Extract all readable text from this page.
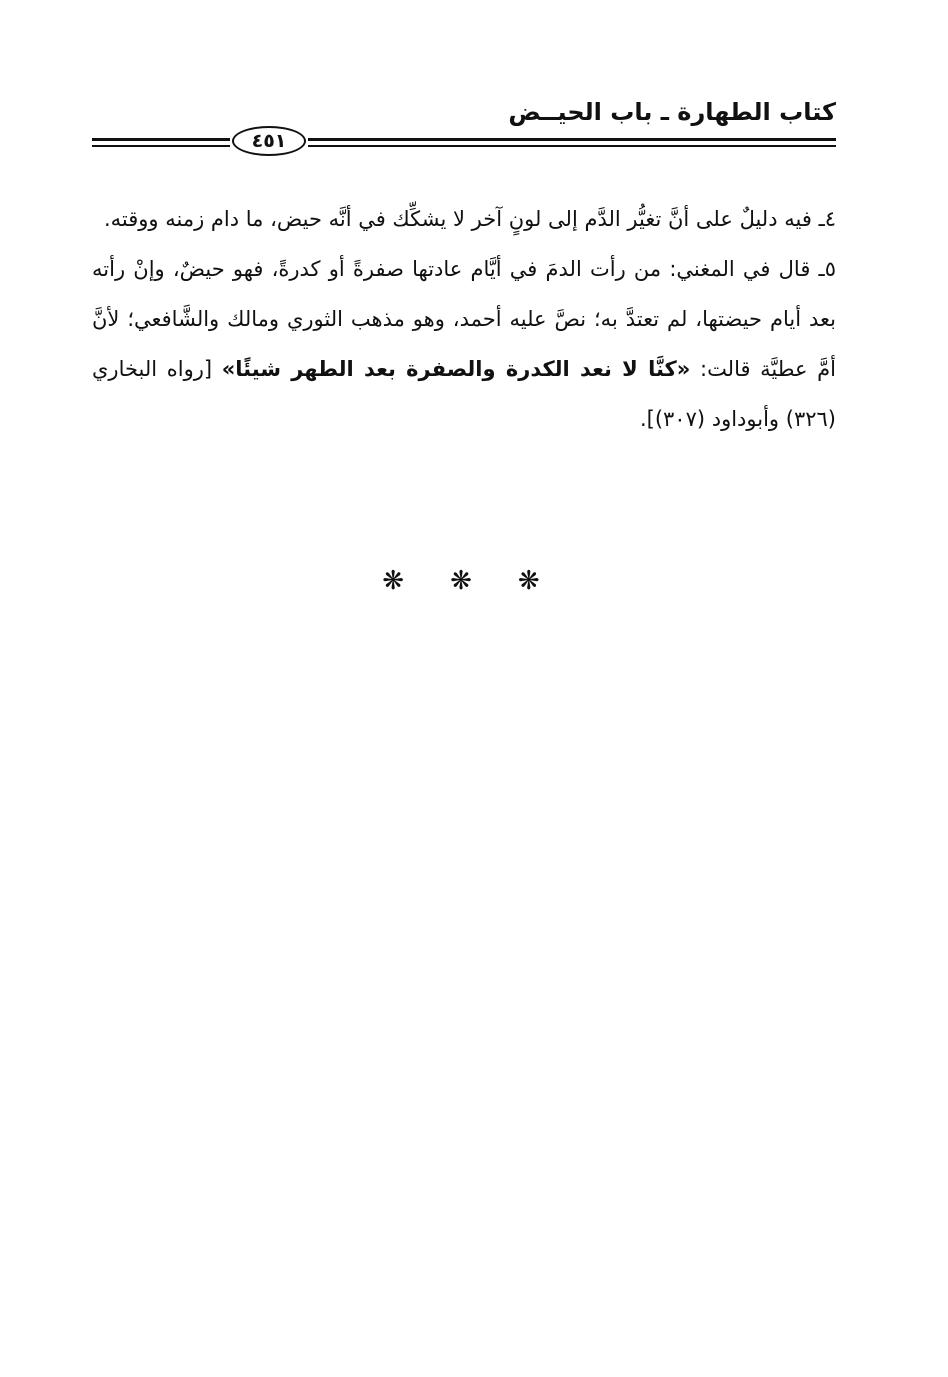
كتاب الطهارة ـ باب الحيــض
٤٥١

٤ـ فيه دليلٌ على أنَّ تغيُّر الدَّم إلى لونٍ آخر لا يشكِّك في أنَّه حيض، ما دام زمنه ووقته.

٥ـ قال في المغني: من رأت الدمَ في أيَّام عادتها صفرةً أو كدرةً، فهو حيضٌ، وإنْ رأته بعد أيام حيضتها، لم تعتدَّ به؛ نصَّ عليه أحمد، وهو مذهب الثوري ومالك والشَّافعي؛ لأنَّ أمَّ عطيَّة قالت: «كنَّا لا نعد الكدرة والصفرة بعد الطهر شيئًا» [رواه البخاري (٣٢٦) وأبوداود (٣٠٧)].

❋ ❋ ❋
